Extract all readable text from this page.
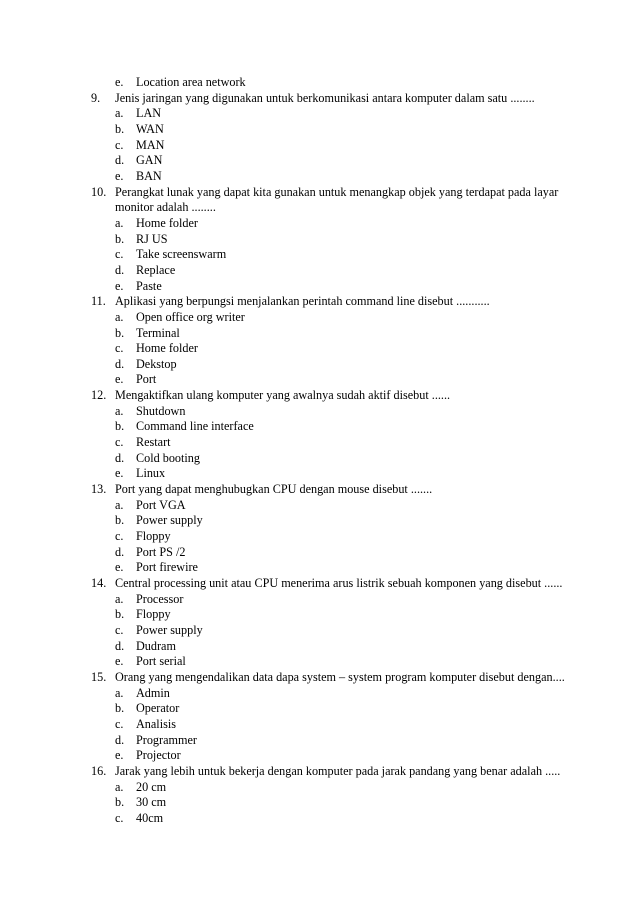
e. Location area network
9. Jenis jaringan yang digunakan untuk berkomunikasi antara komputer dalam satu ........
a. LAN
b. WAN
c. MAN
d. GAN
e. BAN
10. Perangkat lunak yang dapat kita gunakan untuk menangkap objek yang terdapat pada layar
monitor adalah ........
a. Home folder
b. RJ US
c. Take screenswarm
d. Replace
e. Paste
11. Aplikasi yang berpungsi menjalankan perintah command line disebut ...........
a. Open office org writer
b. Terminal
c. Home folder
d. Dekstop
e. Port
12. Mengaktifkan ulang komputer yang awalnya sudah aktif disebut ......
a. Shutdown
b. Command line interface
c. Restart
d. Cold booting
e. Linux
13. Port yang dapat menghubugkan CPU dengan mouse disebut .......
a. Port VGA
b. Power supply
c. Floppy
d. Port PS /2
e. Port firewire
14. Central processing unit atau CPU menerima arus listrik sebuah komponen yang disebut ......
a. Processor
b. Floppy
c. Power supply
d. Dudram
e. Port serial
15. Orang yang mengendalikan data dapa system – system program komputer disebut dengan....
a. Admin
b. Operator
c. Analisis
d. Programmer
e. Projector
16. Jarak yang lebih untuk bekerja dengan komputer pada jarak pandang yang benar adalah .....
a. 20 cm
b. 30 cm
c. 40cm
